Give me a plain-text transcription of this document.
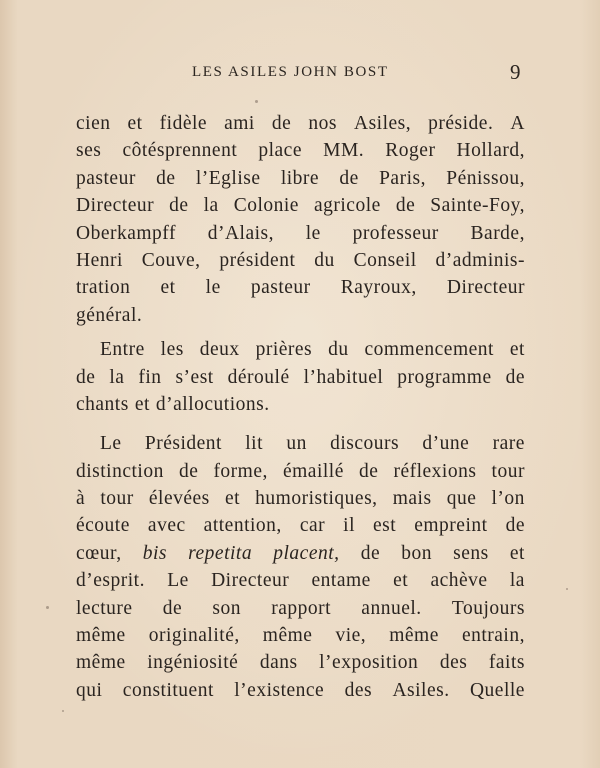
LES ASILES JOHN BOST	9
cien et fidèle ami de nos Asiles, préside. A
ses côtésprennent place MM. Roger Hollard,
pasteur de l’Eglise libre de Paris, Pénissou,
Directeur de la Colonie agricole de Sainte-Foy,
Oberkampff d’Alais, le professeur Barde,
Henri Couve, président du Conseil d’adminis-
tration et le pasteur Rayroux, Directeur
général.
Entre les deux prières du commencement et
de la fin s’est déroulé l’habituel programme de
chants et d’allocutions.
Le Président lit un discours d’une rare
distinction de forme, émaillé de réflexions tour
à tour élevées et humoristiques, mais que l’on
écoute avec attention, car il est empreint de
cœur, bis repetita placent, de bon sens et
d’esprit. Le Directeur entame et achève la
lecture de son rapport annuel. Toujours
même originalité, même vie, même entrain,
même ingéniosité dans l’exposition des faits
qui constituent l’existence des Asiles. Quelle
